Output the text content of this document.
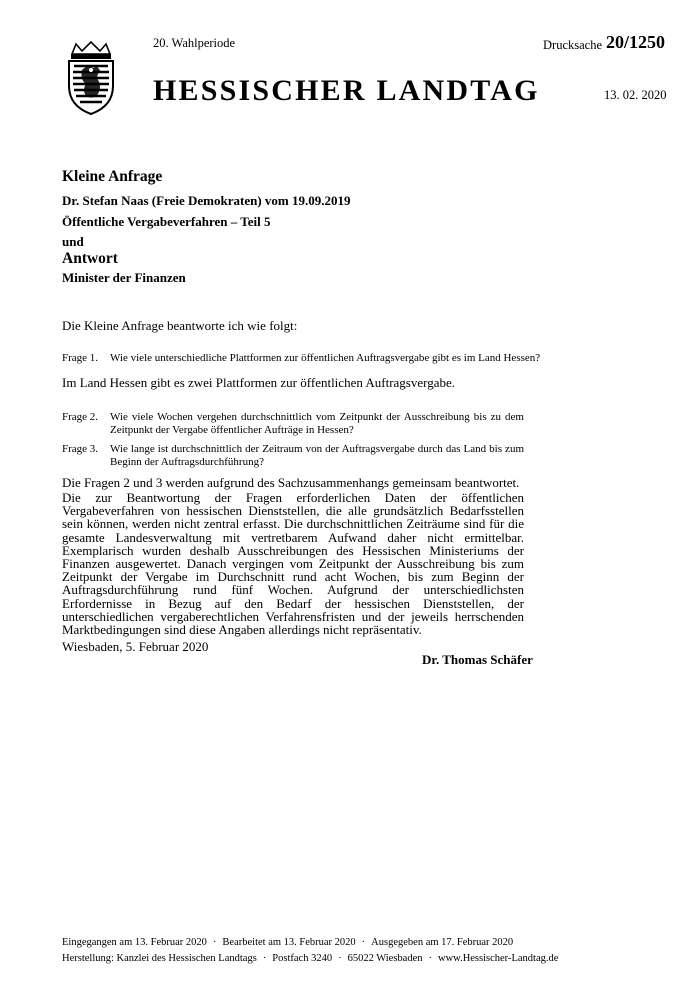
20. Wahlperiode	Drucksache 20/1250
HESSISCHER LANDTAG	13. 02. 2020
Kleine Anfrage
Dr. Stefan Naas (Freie Demokraten) vom 19.09.2019
Öffentliche Vergabeverfahren – Teil 5
und
Antwort
Minister der Finanzen
Die Kleine Anfrage beantworte ich wie folgt:
Frage 1. Wie viele unterschiedliche Plattformen zur öffentlichen Auftragsvergabe gibt es im Land Hessen?
Im Land Hessen gibt es zwei Plattformen zur öffentlichen Auftragsvergabe.
Frage 2. Wie viele Wochen vergehen durchschnittlich vom Zeitpunkt der Ausschreibung bis zu dem Zeitpunkt der Vergabe öffentlicher Aufträge in Hessen?
Frage 3. Wie lange ist durchschnittlich der Zeitraum von der Auftragsvergabe durch das Land bis zum Beginn der Auftragsdurchführung?
Die Fragen 2 und 3 werden aufgrund des Sachzusammenhangs gemeinsam beantwortet.
Die zur Beantwortung der Fragen erforderlichen Daten der öffentlichen Vergabeverfahren von hessischen Dienststellen, die alle grundsätzlich Bedarfsstellen sein können, werden nicht zentral erfasst. Die durchschnittlichen Zeiträume sind für die gesamte Landesverwaltung mit vertretbarem Aufwand daher nicht ermittelbar. Exemplarisch wurden deshalb Ausschreibungen des Hessischen Ministeriums der Finanzen ausgewertet. Danach vergingen vom Zeitpunkt der Ausschreibung bis zum Zeitpunkt der Vergabe im Durchschnitt rund acht Wochen, bis zum Beginn der Auftragsdurchführung rund fünf Wochen. Aufgrund der unterschiedlichsten Erfordernisse in Bezug auf den Bedarf der hessischen Dienststellen, der unterschiedlichen vergaberechtlichen Verfahrensfristen und der jeweils herrschenden Marktbedingungen sind diese Angaben allerdings nicht repräsentativ.
Wiesbaden, 5. Februar 2020
Dr. Thomas Schäfer
Eingegangen am 13. Februar 2020 · Bearbeitet am 13. Februar 2020 · Ausgegeben am 17. Februar 2020
Herstellung: Kanzlei des Hessischen Landtags · Postfach 3240 · 65022 Wiesbaden · www.Hessischer-Landtag.de
